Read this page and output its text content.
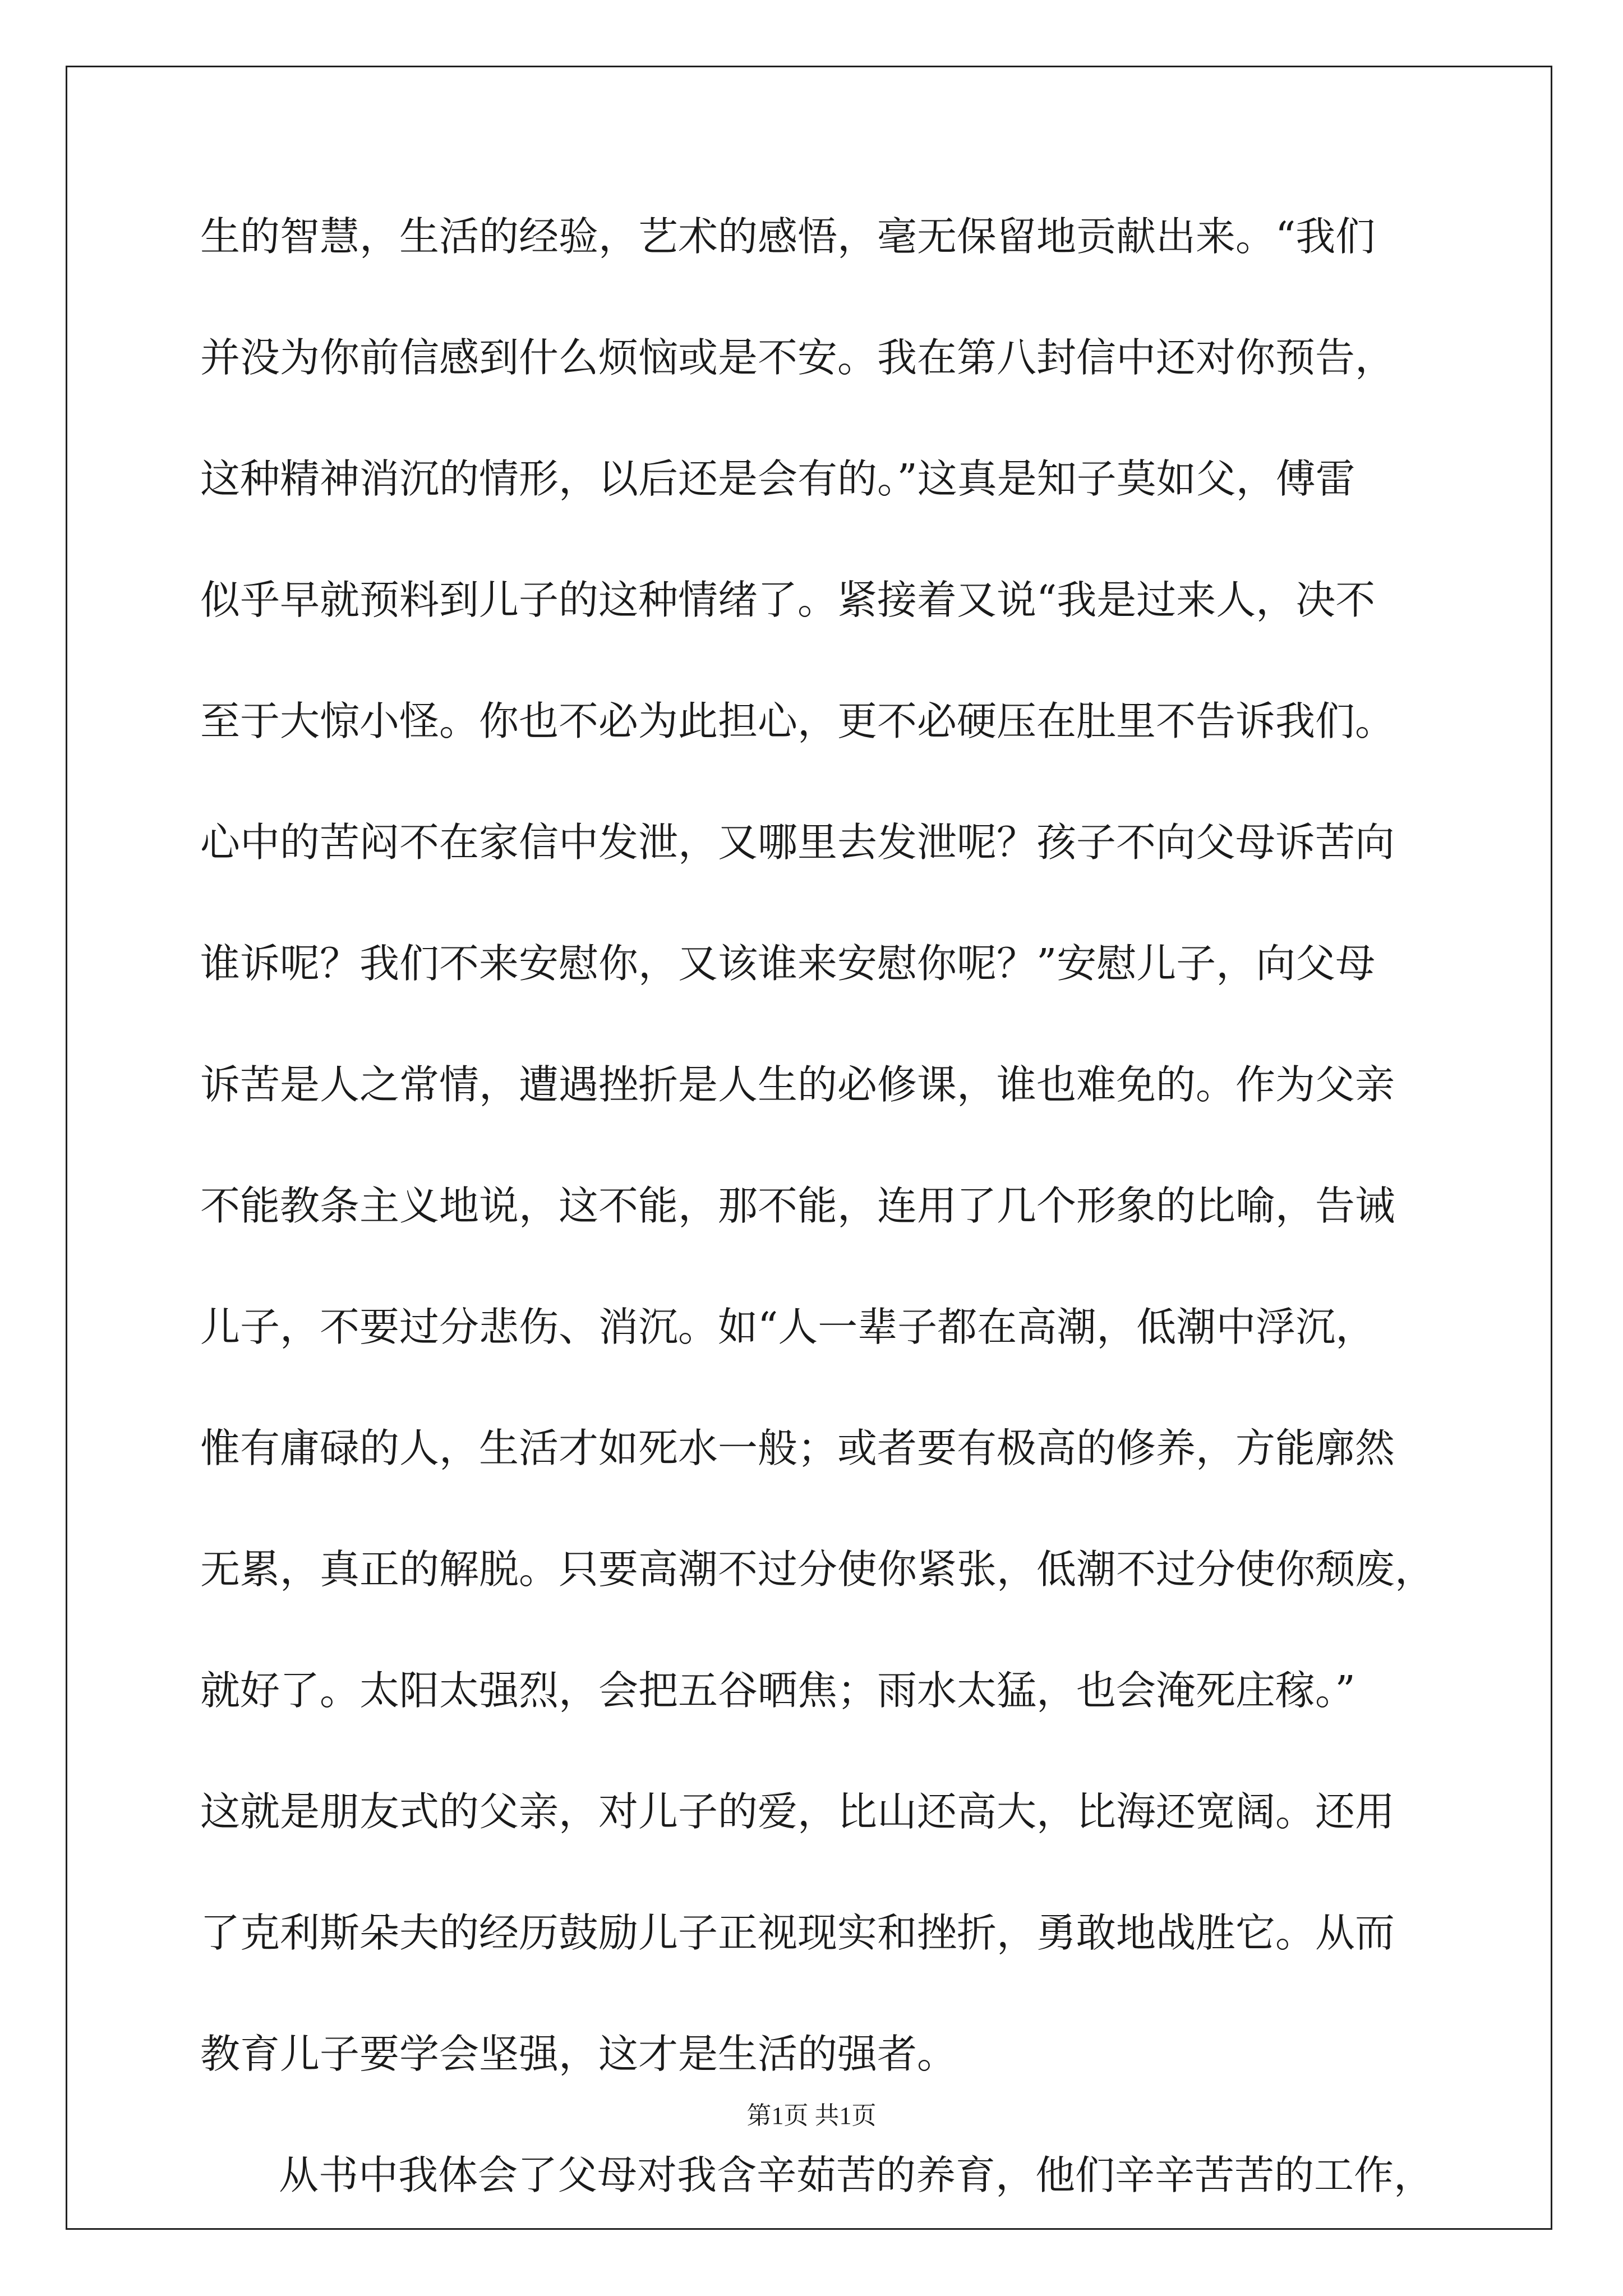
生的智慧，生活的经验，艺术的感悟，毫无保留地贡献出来。“我们
并没为你前信感到什么烦恼或是不安。我在第八封信中还对你预告，
这种精神消沉的情形，以后还是会有的。”这真是知子莫如父，傅雷
似乎早就预料到儿子的这种情绪了。紧接着又说“我是过来人，决不
至于大惊小怪。你也不必为此担心，更不必硬压在肚里不告诉我们。
心中的苦闷不在家信中发泄，又哪里去发泄呢？孩子不向父母诉苦向
谁诉呢？我们不来安慰你，又该谁来安慰你呢？”安慰儿子，向父母
诉苦是人之常情，遭遇挫折是人生的必修课，谁也难免的。作为父亲
不能教条主义地说，这不能，那不能，连用了几个形象的比喻，告诫
儿子，不要过分悲伤、消沉。如“人一辈子都在高潮，低潮中浮沉，
惟有庸碌的人，生活才如死水一般；或者要有极高的修养，方能廓然
无累，真正的解脱。只要高潮不过分使你紧张，低潮不过分使你颓废，
就好了。太阳太强烈，会把五谷晒焦；雨水太猛，也会淹死庄稼。”
这就是朋友式的父亲，对儿子的爱，比山还高大，比海还宽阔。还用
了克利斯朵夫的经历鼓励儿子正视现实和挫折，勇敢地战胜它。从而
教育儿子要学会坚强，这才是生活的强者。
从书中我体会了父母对我含辛茹苦的养育，他们辛辛苦苦的工作，
第1页 共1页
